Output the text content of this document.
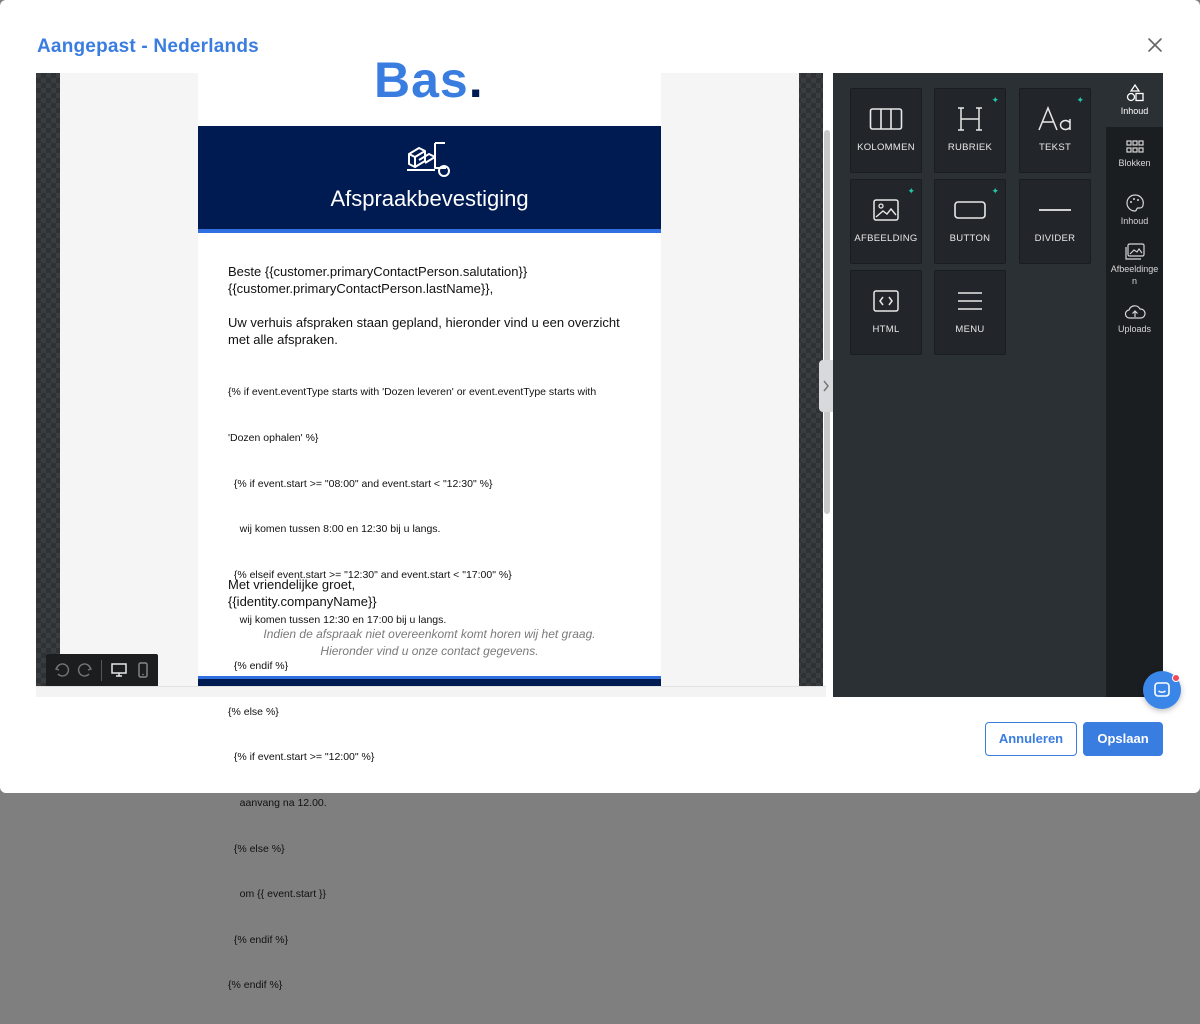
Aangepast - Nederlands
Bas.
Afspraakbevestiging
Beste {{customer.primaryContactPerson.salutation}} {{customer.primaryContactPerson.lastName}},
Uw verhuis afspraken staan gepland, hieronder vind u een overzicht met alle afspraken.

{% if event.eventType starts with 'Dozen leveren' or event.eventType starts with

'Dozen ophalen' %}

{% if event.start >= "08:00" and event.start < "12:30" %}

wij komen tussen 8:00 en 12:30 bij u langs.

{% elseif event.start >= "12:30" and event.start < "17:00" %}

wij komen tussen 12:30 en 17:00 bij u langs.

{% endif %}

{% else %}

{% if event.start >= "12:00" %}

aanvang na 12.00.

{% else %}

om {{ event.start }}

{% endif %}

{% endif %}

Met vriendelijke groet,
{{identity.companyName}}
Indien de afspraak niet overeenkomt komt horen wij het graag.
Hieronder vind u onze contact gegevens.
KOLOMMEN
✦
RUBRIEK
✦
TEKST
✦
AFBEELDING
✦
BUTTON	DIVIDER
HTML	MENU
Inhoud
Blokken
Inhoud
Afbeeldingen
Uploads
Annuleren	Opslaan
